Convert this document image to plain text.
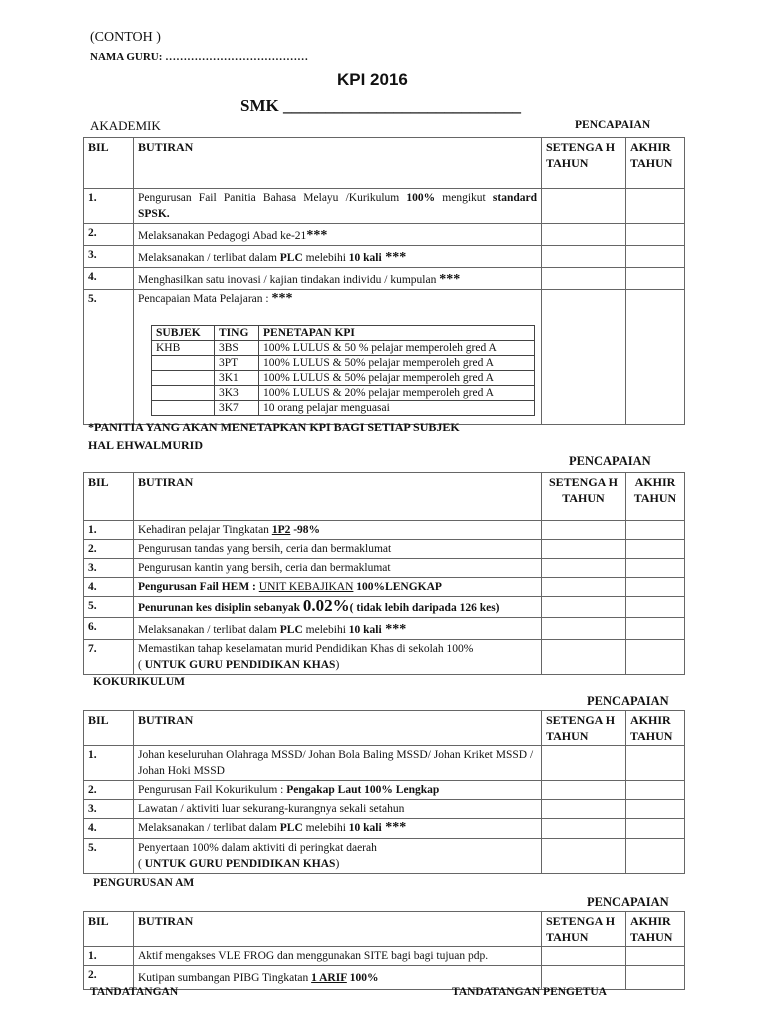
(CONTOH )
NAMA GURU: …………………………………
KPI 2016
SMK ____________________________
AKADEMIK	PENCAPAIAN
BIL	BUTIRAN	SETENGA H TAHUN	AKHIR TAHUN
1.	Pengurusan Fail Panitia Bahasa Melayu /Kurikulum 100% mengikut standard SPSK.

2.	Melaksanakan Pedagogi Abad ke-21***

3.	Melaksanakan / terlibat dalam PLC melebihi 10 kali ***

4.	Menghasilkan satu inovasi / kajian tindakan individu / kumpulan ***

5.	Pencapaian Mata Pelajaran : ***
SUBJEK	TING	PENETAPAN KPI
KHB	3BS	100% LULUS & 50 % pelajar memperoleh gred A
	3PT	100% LULUS & 50% pelajar memperoleh gred A
	3K1	100% LULUS & 50% pelajar memperoleh gred A
	3K3	100% LULUS & 20% pelajar memperoleh gred A
	3K7	10 orang pelajar menguasai

*PANITIA YANG AKAN MENETAPKAN KPI BAGI SETIAP SUBJEK
HAL EHWALMURID
PENCAPAIAN
BIL	BUTIRAN	SETENGA H TAHUN	AKHIR TAHUN
1.	Kehadiran pelajar Tingkatan 1P2 -98%		

2.	Pengurusan tandas yang bersih, ceria dan bermaklumat		

3.	Pengurusan kantin yang bersih, ceria dan bermaklumat		

4.	Pengurusan Fail HEM : UNIT KEBAJIKAN 100%LENGKAP		

5.	Penurunan kes disiplin sebanyak 0.02%( tidak lebih daripada 126 kes)		

6.	Melaksanakan / terlibat dalam PLC melebihi 10 kali ***		

7.	Memastikan tahap keselamatan murid Pendidikan Khas di sekolah 100%
( UNTUK GURU PENDIDIKAN KHAS)		

KOKURIKULUM
PENCAPAIAN
BIL	BUTIRAN	SETENGA H TAHUN	AKHIR TAHUN
1.	Johan keseluruhan Olahraga MSSD/ Johan Bola Baling MSSD/ Johan Kriket MSSD / Johan Hoki MSSD		

2.	Pengurusan Fail Kokurikulum : Pengakap Laut 100% Lengkap		

3.	Lawatan / aktiviti luar sekurang-kurangnya sekali setahun		

4.	Melaksanakan / terlibat dalam PLC melebihi 10 kali ***		

5.	Penyertaan 100% dalam aktiviti di peringkat daerah
( UNTUK GURU PENDIDIKAN KHAS)		

PENGURUSAN AM
PENCAPAIAN
BIL	BUTIRAN	SETENGA H TAHUN	AKHIR TAHUN
1.	Aktif mengakses VLE FROG dan menggunakan SITE bagi bagi tujuan pdp.		

2.	Kutipan sumbangan PIBG Tingkatan 1 ARIF 100%		

TANDATANGAN	TANDATANGAN PENGETUA
